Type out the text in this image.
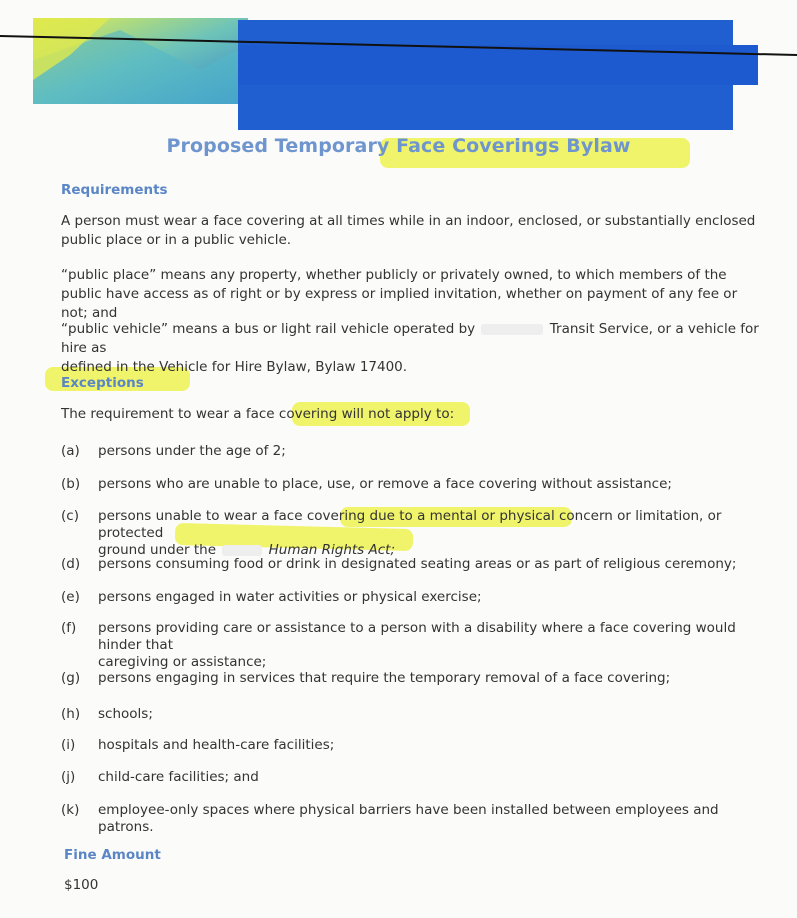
Proposed Temporary Face Coverings Bylaw
Requirements
A person must wear a face covering at all times while in an indoor, enclosed, or substantially enclosed public place or in a public vehicle.
“public place” means any property, whether publicly or privately owned, to which members of the public have access as of right or by express or implied invitation, whether on payment of any fee or not; and
“public vehicle” means a bus or light rail vehicle operated by	Transit Service, or a vehicle for hire as
defined in the Vehicle for Hire Bylaw, Bylaw 17400.
Exceptions
The requirement to wear a face covering will not apply to:
(a)	persons under the age of 2;
(b)	persons who are unable to place, use, or remove a face covering without assistance;
(c)	persons unable to wear a face covering due to a mental or physical concern or limitation, or protected
ground under the	Human Rights Act;
(d)	persons consuming food or drink in designated seating areas or as part of religious ceremony;
(e)	persons engaged in water activities or physical exercise;
(f)	persons providing care or assistance to a person with a disability where a face covering would hinder that
caregiving or assistance;
(g)	persons engaging in services that require the temporary removal of a face covering;
(h)	schools;
(i)	hospitals and health-care facilities;
(j)	child-care facilities; and
(k)	employee-only spaces where physical barriers have been installed between employees and patrons.
Fine Amount
$100
